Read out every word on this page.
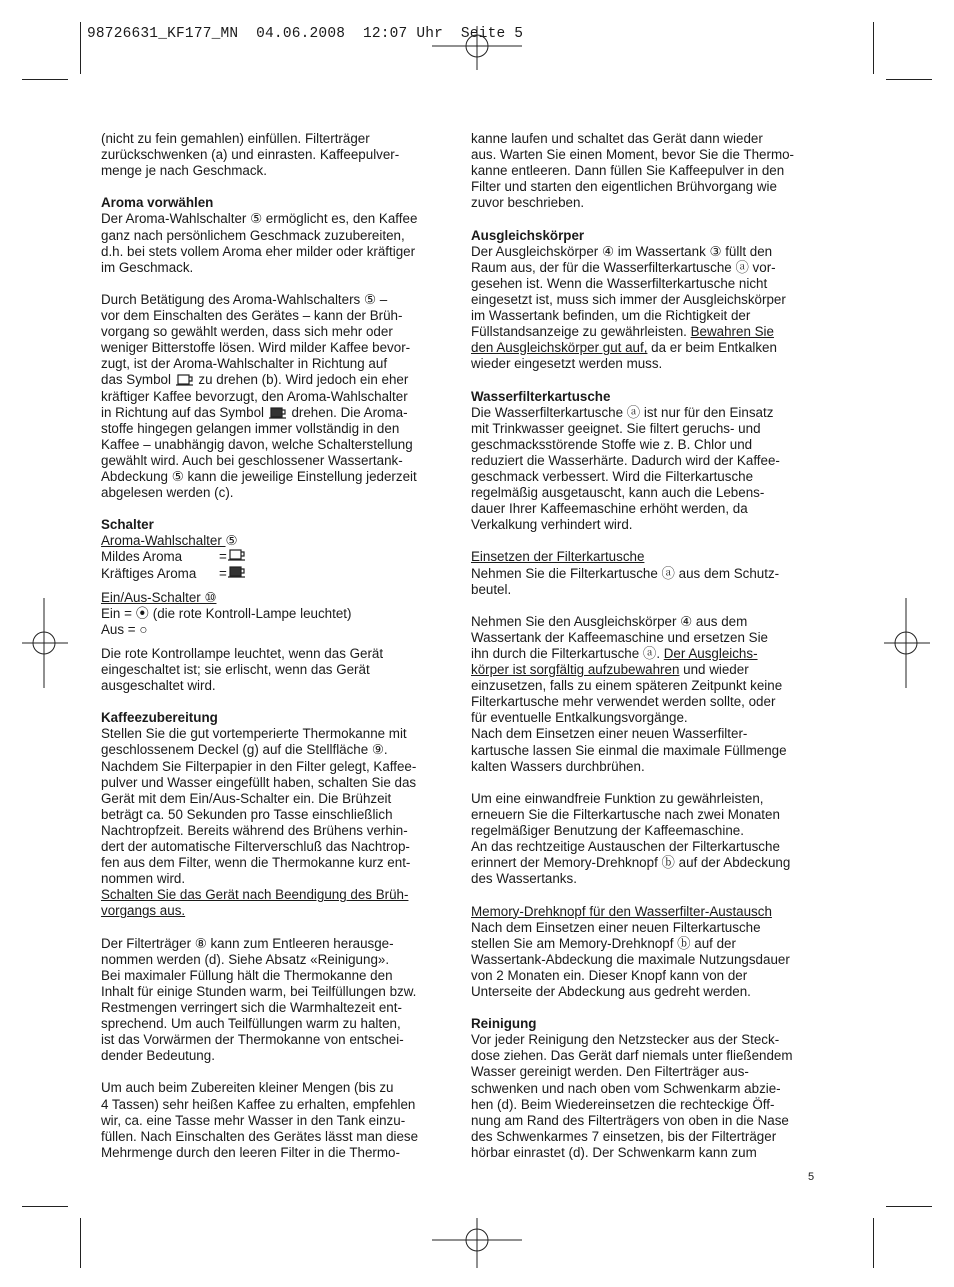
98726631_KF177_MN  04.06.2008  12:07 Uhr  Seite 5
(nicht zu fein gemahlen) einfüllen. Filterträger
zurückschwenken (a) und einrasten. Kaffeepulver-
menge je nach Geschmack.
Aroma vorwählen
Der Aroma-Wahlschalter ⑤ ermöglicht es, den Kaffee
ganz nach persönlichem Geschmack zuzubereiten,
d.h. bei stets vollem Aroma eher milder oder kräftiger
im Geschmack.
Durch Betätigung des Aroma-Wahlschalters ⑤ –
vor dem Einschalten des Gerätes – kann der Brüh-
vorgang so gewählt werden, dass sich mehr oder
weniger Bitterstoffe lösen. Wird milder Kaffee bevor-
zugt, ist der Aroma-Wahlschalter in Richtung auf
das Symbol  zu drehen (b). Wird jedoch ein eher
kräftiger Kaffee bevorzugt, den Aroma-Wahlschalter
in Richtung auf das Symbol  drehen. Die Aroma-
stoffe hingegen gelangen immer vollständig in den
Kaffee – unabhängig davon, welche Schalterstellung
gewählt wird. Auch bei geschlossener Wassertank-
Abdeckung ⑤ kann die jeweilige Einstellung jederzeit
abgelesen werden (c).
Schalter
Aroma-Wahlschalter ⑤
Mildes Aroma	=
Kräftiges Aroma	=
Ein/Aus-Schalter ⑩
Ein = ⦿ (die rote Kontroll-Lampe leuchtet)
Aus = ○
Die rote Kontrollampe leuchtet, wenn das Gerät
eingeschaltet ist; sie erlischt, wenn das Gerät
ausgeschaltet wird.
Kaffeezubereitung
Stellen Sie die gut vortemperierte Thermokanne mit
geschlossenem Deckel (g) auf die Stellfläche ⑨.
Nachdem Sie Filterpapier in den Filter gelegt, Kaffee-
pulver und Wasser eingefüllt haben, schalten Sie das
Gerät mit dem Ein/Aus-Schalter ein. Die Brühzeit
beträgt ca. 50 Sekunden pro Tasse einschließlich
Nachtropfzeit. Bereits während des Brühens verhin-
dert der automatische Filterverschluß das Nachtrop-
fen aus dem Filter, wenn die Thermokanne kurz ent-
nommen wird.
Schalten Sie das Gerät nach Beendigung des Brüh-
vorgangs aus.
Der Filterträger ⑧ kann zum Entleeren herausge-
nommen werden (d). Siehe Absatz «Reinigung».
Bei maximaler Füllung hält die Thermokanne den
Inhalt für einige Stunden warm, bei Teilfüllungen bzw.
Restmengen verringert sich die Warmhaltezeit ent-
sprechend. Um auch Teilfüllungen warm zu halten,
ist das Vorwärmen der Thermokanne von entschei-
dender Bedeutung.
Um auch beim Zubereiten kleiner Mengen (bis zu
4 Tassen) sehr heißen Kaffee zu erhalten, empfehlen
wir, ca. eine Tasse mehr Wasser in den Tank einzu-
füllen. Nach Einschalten des Gerätes lässt man diese
Mehrmenge durch den leeren Filter in die Thermo-
kanne laufen und schaltet das Gerät dann wieder
aus. Warten Sie einen Moment, bevor Sie die Thermo-
kanne entleeren. Dann füllen Sie Kaffeepulver in den
Filter und starten den eigentlichen Brühvorgang wie
zuvor beschrieben.
Ausgleichskörper
Der Ausgleichskörper ④ im Wassertank ③ füllt den
Raum aus, der für die Wasserfilterkartusche ⓐ vor-
gesehen ist. Wenn die Wasserfilterkartusche nicht
eingesetzt ist, muss sich immer der Ausgleichskörper
im Wassertank befinden, um die Richtigkeit der
Füllstandsanzeige zu gewährleisten. Bewahren Sie
den Ausgleichskörper gut auf, da er beim Entkalken
wieder eingesetzt werden muss.
Wasserfilterkartusche
Die Wasserfilterkartusche ⓐ ist nur für den Einsatz
mit Trinkwasser geeignet. Sie filtert geruchs- und
geschmacksstörende Stoffe wie z. B. Chlor und
reduziert die Wasserhärte. Dadurch wird der Kaffee-
geschmack verbessert. Wird die Filterkartusche
regelmäßig ausgetauscht, kann auch die Lebens-
dauer Ihrer Kaffeemaschine erhöht werden, da
Verkalkung verhindert wird.
Einsetzen der Filterkartusche
Nehmen Sie die Filterkartusche ⓐ aus dem Schutz-
beutel.
Nehmen Sie den Ausgleichskörper ④ aus dem
Wassertank der Kaffeemaschine und ersetzen Sie
ihn durch die Filterkartusche ⓐ. Der Ausgleichs-
körper ist sorgfältig aufzubewahren und wieder
einzusetzen, falls zu einem späteren Zeitpunkt keine
Filterkartusche mehr verwendet werden sollte, oder
für eventuelle Entkalkungsvorgänge.
Nach dem Einsetzen einer neuen Wasserfilter-
kartusche lassen Sie einmal die maximale Füllmenge
kalten Wassers durchbrühen.
Um eine einwandfreie Funktion zu gewährleisten,
erneuern Sie die Filterkartusche nach zwei Monaten
regelmäßiger Benutzung der Kaffeemaschine.
An das rechtzeitige Austauschen der Filterkartusche
erinnert der Memory-Drehknopf ⓑ auf der Abdeckung
des Wassertanks.
Memory-Drehknopf für den Wasserfilter-Austausch
Nach dem Einsetzen einer neuen Filterkartusche
stellen Sie am Memory-Drehknopf ⓑ auf der
Wassertank-Abdeckung die maximale Nutzungsdauer
von 2 Monaten ein. Dieser Knopf kann von der
Unterseite der Abdeckung aus gedreht werden.
Reinigung
Vor jeder Reinigung den Netzstecker aus der Steck-
dose ziehen. Das Gerät darf niemals unter fließendem
Wasser gereinigt werden. Den Filterträger aus-
schwenken und nach oben vom Schwenkarm abzie-
hen (d). Beim Wiedereinsetzen die rechteckige Öff-
nung am Rand des Filterträgers von oben in die Nase
des Schwenkarmes 7 einsetzen, bis der Filterträger
hörbar einrastet (d). Der Schwenkarm kann zum
5
